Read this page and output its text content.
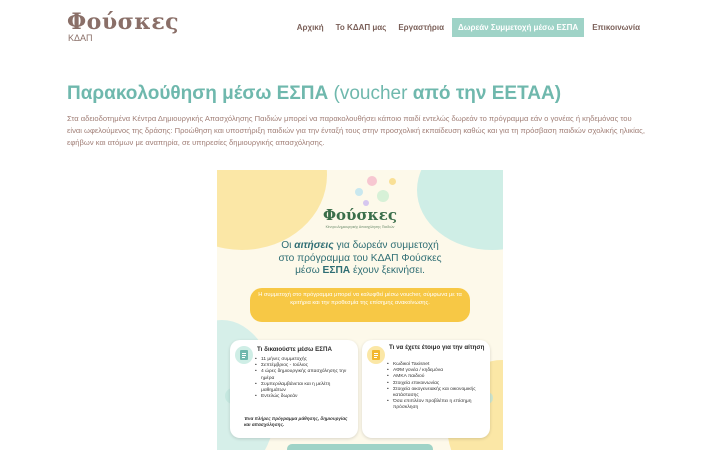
Φούσκες
ΚΔΑΠ
Αρχική	Το ΚΔΑΠ μας	Εργαστήρια	Δωρεάν Συμμετοχή μέσω ΕΣΠΑ	Επικοινωνία
Παρακολούθηση μέσω ΕΣΠΑ (voucher από την ΕΕΤΑΑ)

Στα αδειοδοτημένα Κέντρα Δημιουργικής Απασχόλησης Παιδιών μπορεί να παρακολουθήσει κάποιο παιδί εντελώς δωρεάν το πρόγραμμα εάν ο γονέας ή κηδεμόνας του είναι ωφελούμενος της δράσης: Προώθηση και υποστήριξη παιδιών για την ένταξή τους στην προσχολική εκπαίδευση καθώς και για τη πρόσβαση παιδιών σχολικής ηλικίας,

εφήβων και ατόμων με αναπηρία, σε υπηρεσίες δημιουργικής απασχόλησης.

Φούσκες
Κέντρο Δημιουργικής Απασχόλησης Παιδιών
Οι αιτήσεις για δωρεάν συμμετοχή
στο πρόγραμμα του ΚΔΑΠ Φούσκες
μέσω ΕΣΠΑ έχουν ξεκινήσει.
Η συμμετοχή στο πρόγραμμα μπορεί να καλυφθεί μέσω voucher, σύμφωνα με τα κριτήρια και την προθεσμία της επίσημης ανακοίνωσης.
Τι δικαιούστε μέσω ΕΣΠΑ
• 11 μήνες συμμετοχής
• Σεπτέμβριος - Ιούλιος
• 4 ώρες δημιουργικής απασχόλησης την ημέρα
• Συμπεριλαμβάνεται και η μελέτη μαθημάτων
• Εντελώς δωρεάν
Ένα πλήρες πρόγραμμα μάθησης, δημιουργίας και απασχόλησης.
Τι να έχετε έτοιμο για την αίτηση
• Κωδικοί Taxisnet
• ΑΦΜ γονέα / κηδεμόνα
• ΑΜΚΑ παιδιού
• Στοιχεία επικοινωνίας
• Στοιχεία οικογενειακής και οικονομικής κατάστασης
• Όσα επιπλέον προβλέπει η επίσημη πρόσκληση
